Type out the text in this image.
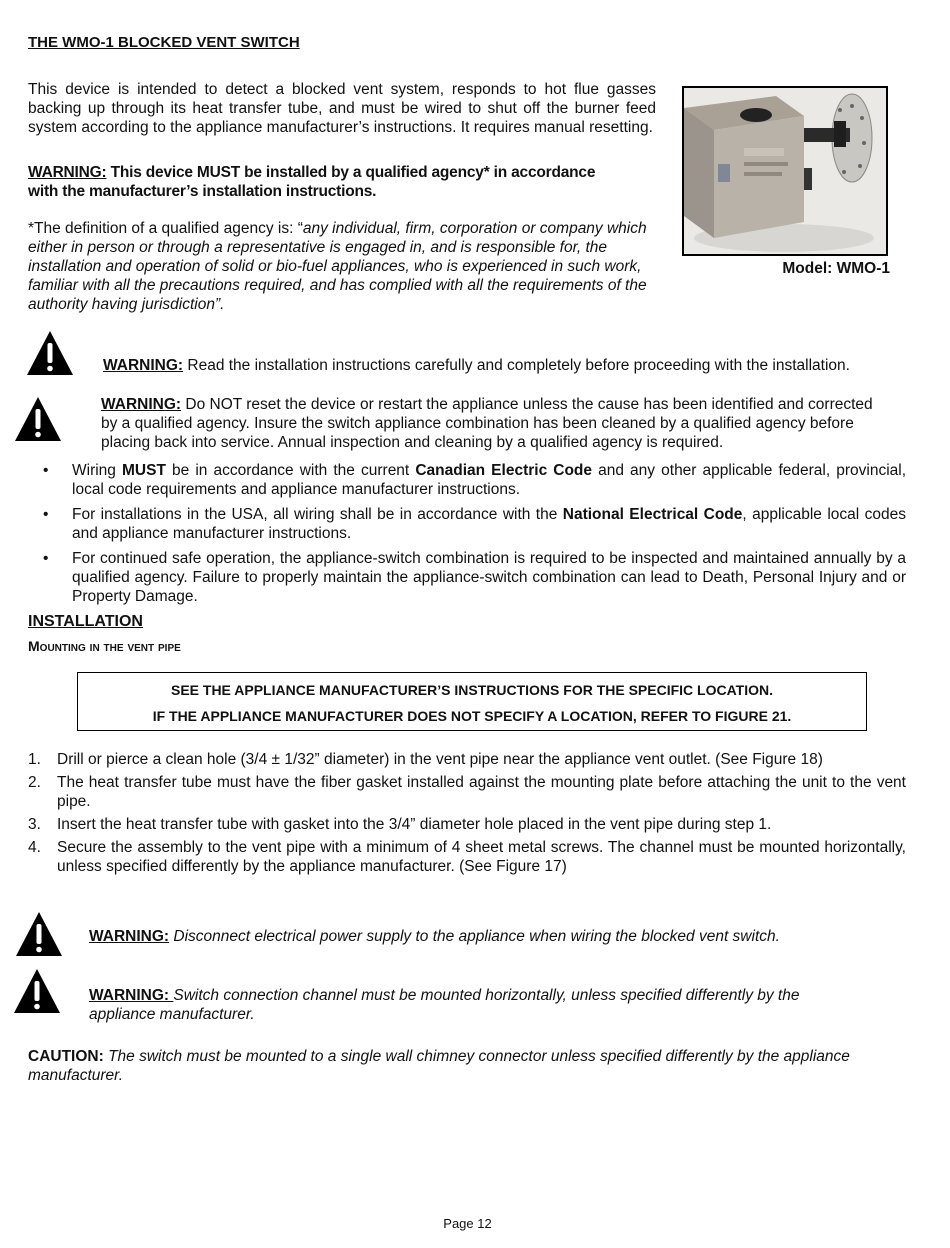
THE WMO-1 BLOCKED VENT SWITCH
This device is intended to detect a blocked vent system, responds to hot flue gasses backing up through its heat transfer tube, and must be wired to shut off the burner feed system according to the appliance manufacturer’s instructions. It requires manual resetting.
WARNING: This device MUST be installed by a qualified agency* in accordance with the manufacturer’s installation instructions.
*The definition of a qualified agency is: “any individual, firm, corporation or company which either in person or through a representative is engaged in, and is responsible for, the installation and operation of solid or bio-fuel appliances, who is experienced in such work, familiar with all the precautions required, and has complied with all the requirements of the authority having jurisdiction”.
Model: WMO-1
WARNING: Read the installation instructions carefully and completely before proceeding with the installation.
WARNING: Do NOT reset the device or restart the appliance unless the cause has been identified and corrected by a qualified agency. Insure the switch appliance combination has been cleaned by a qualified agency before placing back into service. Annual inspection and cleaning by a qualified agency is required.
• Wiring MUST be in accordance with the current Canadian Electric Code and any other applicable federal, provincial, local code requirements and appliance manufacturer instructions.
• For installations in the USA, all wiring shall be in accordance with the National Electrical Code, applicable local codes and appliance manufacturer instructions.
• For continued safe operation, the appliance-switch combination is required to be inspected and maintained annually by a qualified agency. Failure to properly maintain the appliance-switch combination can lead to Death, Personal Injury and or Property Damage.
INSTALLATION
Mounting in the vent pipe
SEE THE APPLIANCE MANUFACTURER’S INSTRUCTIONS FOR THE SPECIFIC LOCATION.
IF THE APPLIANCE MANUFACTURER DOES NOT SPECIFY A LOCATION, REFER TO FIGURE 21.
1. Drill or pierce a clean hole (3/4 ± 1/32” diameter) in the vent pipe near the appliance vent outlet. (See Figure 18)
2. The heat transfer tube must have the fiber gasket installed against the mounting plate before attaching the unit to the vent pipe.
3. Insert the heat transfer tube with gasket into the 3/4” diameter hole placed in the vent pipe during step 1.
4. Secure the assembly to the vent pipe with a minimum of 4 sheet metal screws. The channel must be mounted horizontally, unless specified differently by the appliance manufacturer. (See Figure 17)
WARNING: Disconnect electrical power supply to the appliance when wiring the blocked vent switch.
WARNING: Switch connection channel must be mounted horizontally, unless specified differently by the appliance manufacturer.
CAUTION: The switch must be mounted to a single wall chimney connector unless specified differently by the appliance manufacturer.
Page 12
